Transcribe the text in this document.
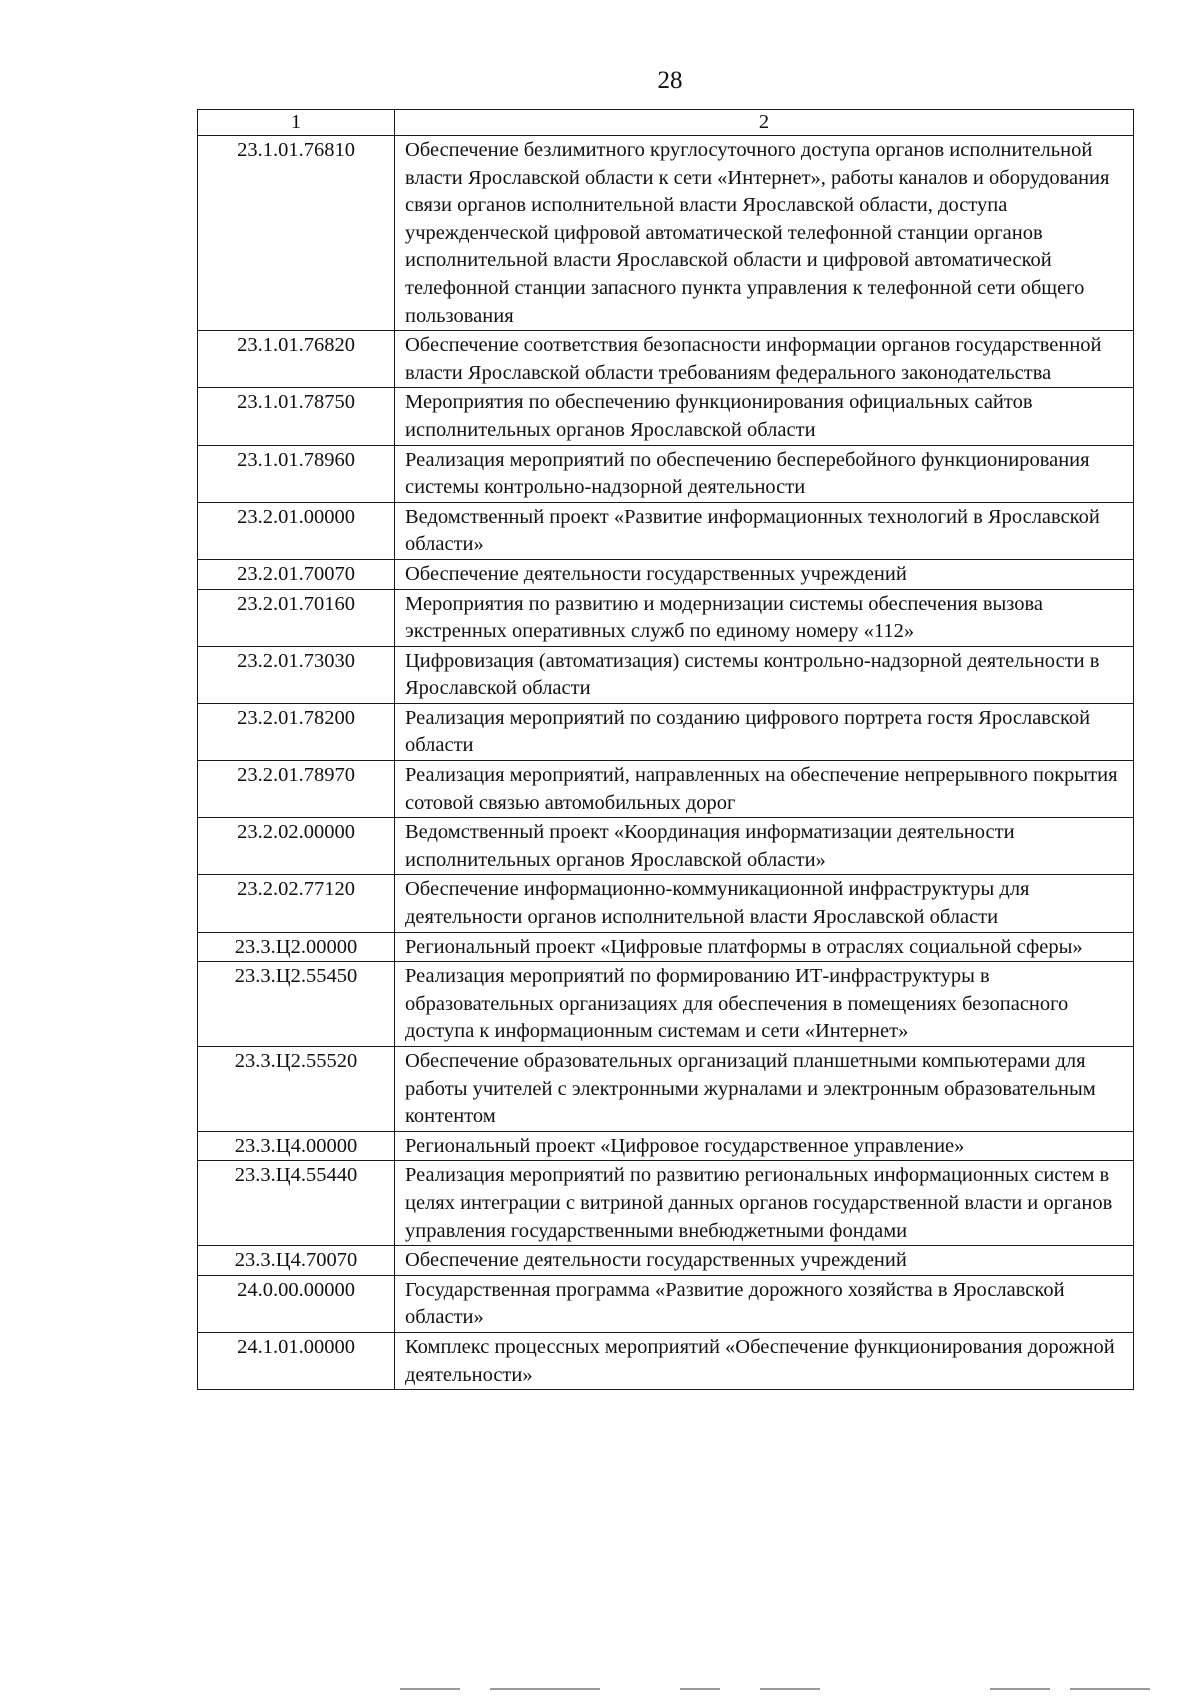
28
1	2
23.1.01.76810	Обеспечение безлимитного круглосуточного доступа органов исполнительной власти Ярославской области к сети «Интернет», работы каналов и оборудования связи органов исполнительной власти Ярославской области, доступа учрежденческой цифровой автоматической телефонной станции органов исполнительной власти Ярославской области и цифровой автоматической телефонной станции запасного пункта управления к телефонной сети общего пользования
23.1.01.76820	Обеспечение соответствия безопасности информации органов государственной власти Ярославской области требованиям федерального законодательства
23.1.01.78750	Мероприятия по обеспечению функционирования официальных сайтов исполнительных органов Ярославской области
23.1.01.78960	Реализация мероприятий по обеспечению бесперебойного функционирования системы контрольно-надзорной деятельности
23.2.01.00000	Ведомственный проект «Развитие информационных технологий в Ярославской области»
23.2.01.70070	Обеспечение деятельности государственных учреждений
23.2.01.70160	Мероприятия по развитию и модернизации системы обеспечения вызова экстренных оперативных служб по единому номеру «112»
23.2.01.73030	Цифровизация (автоматизация) системы контрольно-надзорной деятельности в Ярославской области
23.2.01.78200	Реализация мероприятий по созданию цифрового портрета гостя Ярославской области
23.2.01.78970	Реализация мероприятий, направленных на обеспечение непрерывного покрытия сотовой связью автомобильных дорог
23.2.02.00000	Ведомственный проект «Координация информатизации деятельности исполнительных органов Ярославской области»
23.2.02.77120	Обеспечение информационно-коммуникационной инфраструктуры для деятельности органов исполнительной власти Ярославской области
23.3.Ц2.00000	Региональный проект «Цифровые платформы в отраслях социальной сферы»
23.3.Ц2.55450	Реализация мероприятий по формированию ИТ-инфраструктуры в образовательных организациях для обеспечения в помещениях безопасного доступа к информационным системам и сети «Интернет»
23.3.Ц2.55520	Обеспечение образовательных организаций планшетными компьютерами для работы учителей с электронными журналами и электронным образовательным контентом
23.3.Ц4.00000	Региональный проект «Цифровое государственное управление»
23.3.Ц4.55440	Реализация мероприятий по развитию региональных информационных систем в целях интеграции с витриной данных органов государственной власти и органов управления государственными внебюджетными фондами
23.3.Ц4.70070	Обеспечение деятельности государственных учреждений
24.0.00.00000	Государственная программа «Развитие дорожного хозяйства в Ярославской области»
24.1.01.00000	Комплекс процессных мероприятий «Обеспечение функционирования дорожной деятельности»
